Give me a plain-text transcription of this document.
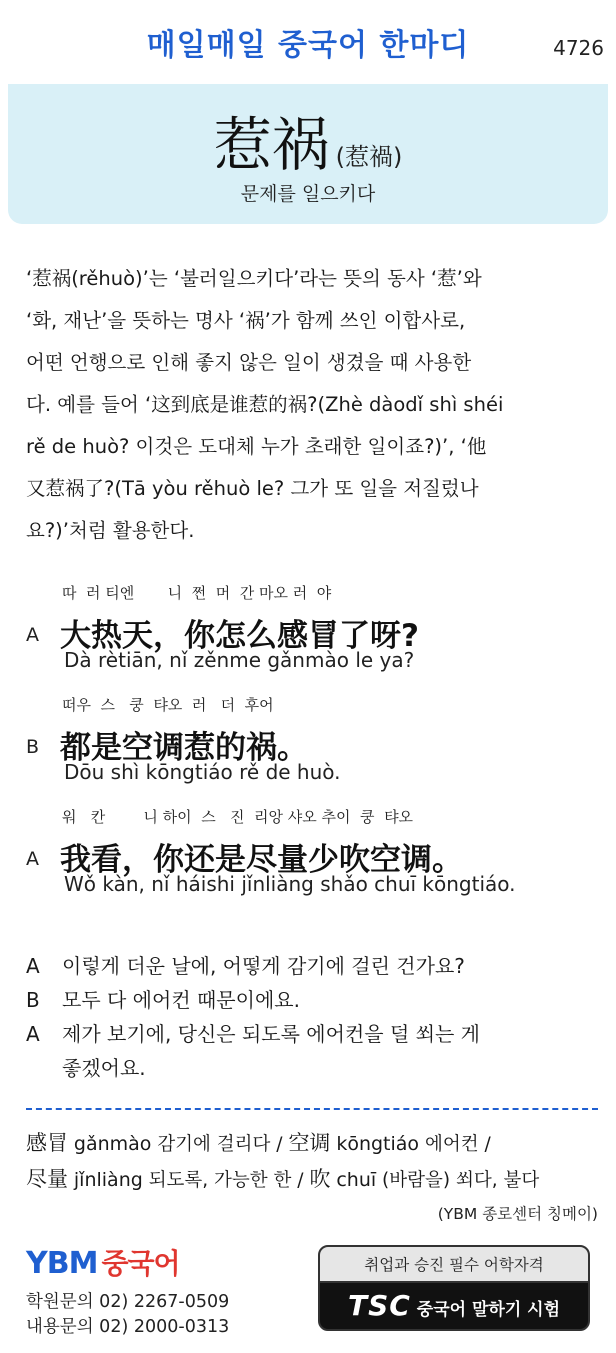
매일매일 중국어 한마디	4726
惹祸 (惹禍)
문제를 일으키다
‘惹祸(rěhuò)’는 ‘불러일으키다’라는 뜻의 동사 ‘惹’와
‘화, 재난’을 뜻하는 명사 ‘祸’가 함께 쓰인 이합사로,
어떤 언행으로 인해 좋지 않은 일이 생겼을 때 사용한
다. 예를 들어 ‘这到底是谁惹的祸?(Zhè dàodǐ shì shéi
rě de huò? 이것은 도대체 누가 초래한 일이죠?)’, ‘他
又惹祸了?(Tā yòu rěhuò le? 그가 또 일을 저질렀나
요?)’처럼 활용한다.
따  러 티엔       니  쩐  머  간 마오 러  야
A 大热天，你怎么感冒了呀?
Dà rètiān, nǐ zěnme gǎnmào le ya?
떠우  스   쿵  탸오  러   더  후어
B 都是空调惹的祸。
Dōu shì kōngtiáo rě de huò.
워   칸        니 하이  스   진  리앙 샤오 추이  쿵  탸오
A 我看，你还是尽量少吹空调。
Wǒ kàn, nǐ háishi jǐnliàng shǎo chuī kōngtiáo.
A 이렇게 더운 날에, 어떻게 감기에 걸린 건가요?
B 모두 다 에어컨 때문이에요.
A 제가 보기에, 당신은 되도록 에어컨을 덜 쐬는 게
좋겠어요.
感冒 gǎnmào 감기에 걸리다 / 空调 kōngtiáo 에어컨 /
尽量 jǐnliàng 되도록, 가능한 한 / 吹 chuī (바람을) 쐬다, 불다
(YBM 종로센터 칭메이)
YBM 중국어
학원문의 02) 2267-0509
내용문의 02) 2000-0313
취업과 승진 필수 어학자격
TSC 중국어 말하기 시험
